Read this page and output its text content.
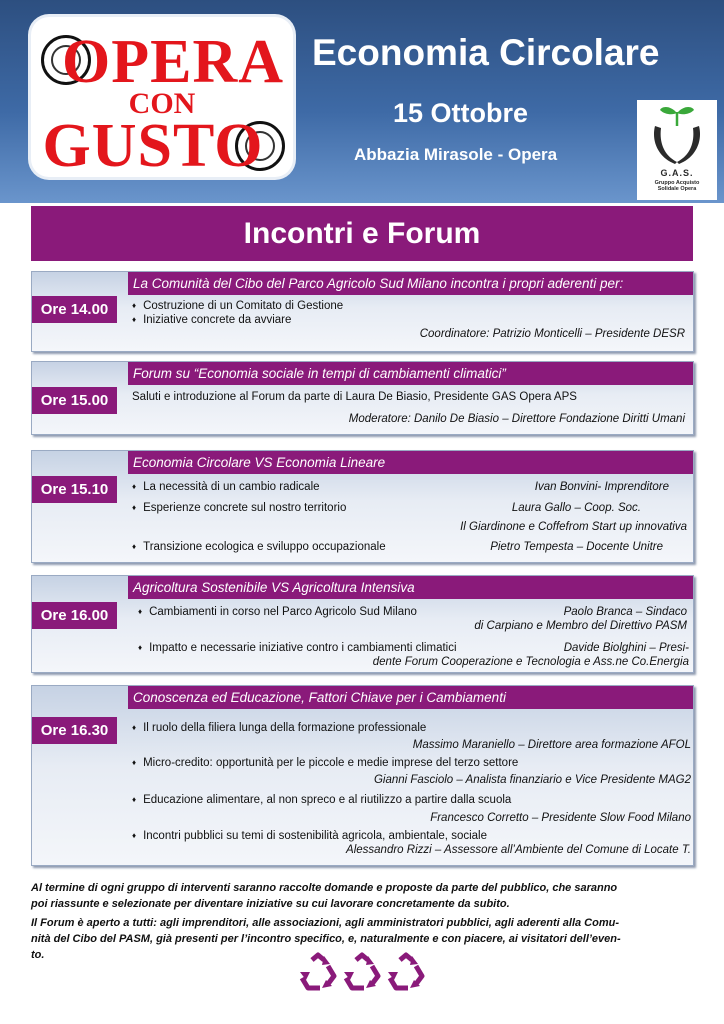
OPERA
CON
GUSTO
Economia Circolare
15 Ottobre
Abbazia Mirasole - Opera
G.A.S.
Gruppo Acquisto
Solidale Opera
Incontri e Forum
La Comunità del Cibo del Parco Agricolo Sud Milano incontra i propri aderenti per:
Ore 14.00	♦ Costruzione di un Comitato di Gestione
♦ Iniziative concrete da avviare
Coordinatore: Patrizio Monticelli – Presidente DESR
Forum su “Economia sociale in tempi di cambiamenti climatici”
Ore 15.00	Saluti e introduzione al Forum da parte di Laura De Biasio, Presidente GAS Opera APS
Moderatore: Danilo De Biasio – Direttore Fondazione Diritti Umani
Economia Circolare VS Economia Lineare
Ore 15.10	♦ La necessità di un cambio radicale	Ivan Bonvini- Imprenditore
♦ Esperienze concrete sul nostro territorio	Laura Gallo – Coop. Soc.
Il Giardinone e Coffefrom Start up innovativa
♦ Transizione ecologica e sviluppo occupazionale	Pietro Tempesta – Docente Unitre
Agricoltura Sostenibile VS Agricoltura Intensiva
Ore 16.00	♦ Cambiamenti in corso nel Parco Agricolo Sud Milano	Paolo Branca – Sindaco
di Carpiano e Membro del Direttivo PASM
♦ Impatto e necessarie iniziative contro i cambiamenti climatici	Davide Biolghini – Presi-
dente Forum Cooperazione e Tecnologia e Ass.ne Co.Energia
Conoscenza ed Educazione, Fattori Chiave per i Cambiamenti
Ore 16.30	♦ Il ruolo della filiera lunga della formazione professionale
Massimo Maraniello – Direttore area formazione AFOL
♦ Micro-credito: opportunità per le piccole e medie imprese del terzo settore
Gianni Fasciolo – Analista finanziario e Vice Presidente MAG2
♦ Educazione alimentare, al non spreco e al riutilizzo a partire dalla scuola
Francesco Corretto – Presidente Slow Food Milano
♦ Incontri pubblici su temi di sostenibilità agricola, ambientale, sociale
Alessandro Rizzi – Assessore all’Ambiente del Comune di Locate T.
Al termine di ogni gruppo di interventi saranno raccolte domande e proposte da parte del pubblico, che saranno
poi riassunte e selezionate per diventare iniziative su cui lavorare concretamente da subito.
Il Forum è aperto a tutti: agli imprenditori, alle associazioni, agli amministratori pubblici, agli aderenti alla Comu-
nità del Cibo del PASM, già presenti per l’incontro specifico, e, naturalmente e con piacere, ai visitatori dell’even-
to.
